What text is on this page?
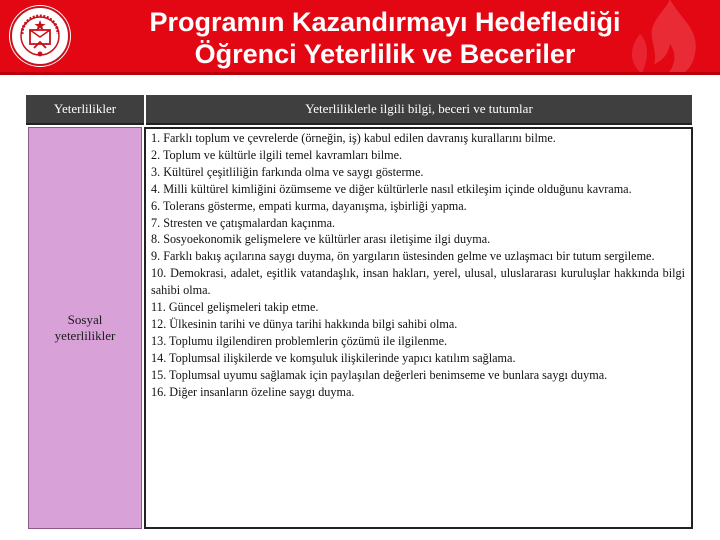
Programın Kazandırmayı Hedeflediği
Öğrenci Yeterlilik ve Beceriler
Yeterlilikler	Yeterliliklerle ilgili bilgi, beceri ve tutumlar
Sosyal
yeterlilikler

1. Farklı toplum ve çevrelerde (örneğin, iş) kabul edilen davranış kurallarını bilme.

2. Toplum ve kültürle ilgili temel kavramları bilme.

3. Kültürel çeşitliliğin farkında olma ve saygı gösterme.

4. Milli kültürel kimliğini özümseme ve diğer kültürlerle nasıl etkileşim içinde olduğunu kavrama.

6. Tolerans gösterme, empati kurma, dayanışma, işbirliği yapma.

7. Stresten ve çatışmalardan kaçınma.

8. Sosyoekonomik gelişmelere ve kültürler arası iletişime ilgi duyma.

9. Farklı bakış açılarına saygı duyma, ön yargıların üstesinden gelme ve uzlaşmacı bir tutum sergileme.

10. Demokrasi, adalet, eşitlik vatandaşlık, insan hakları, yerel, ulusal, uluslararası kuruluşlar hakkında bilgi sahibi olma.

11. Güncel gelişmeleri takip etme.

12. Ülkesinin tarihi ve dünya tarihi hakkında bilgi sahibi olma.

13. Toplumu ilgilendiren problemlerin çözümü ile ilgilenme.

14. Toplumsal ilişkilerde ve komşuluk ilişkilerinde yapıcı katılım sağlama.

15. Toplumsal uyumu sağlamak için paylaşılan değerleri benimseme ve bunlara saygı duyma.

16. Diğer insanların özeline saygı duyma.
